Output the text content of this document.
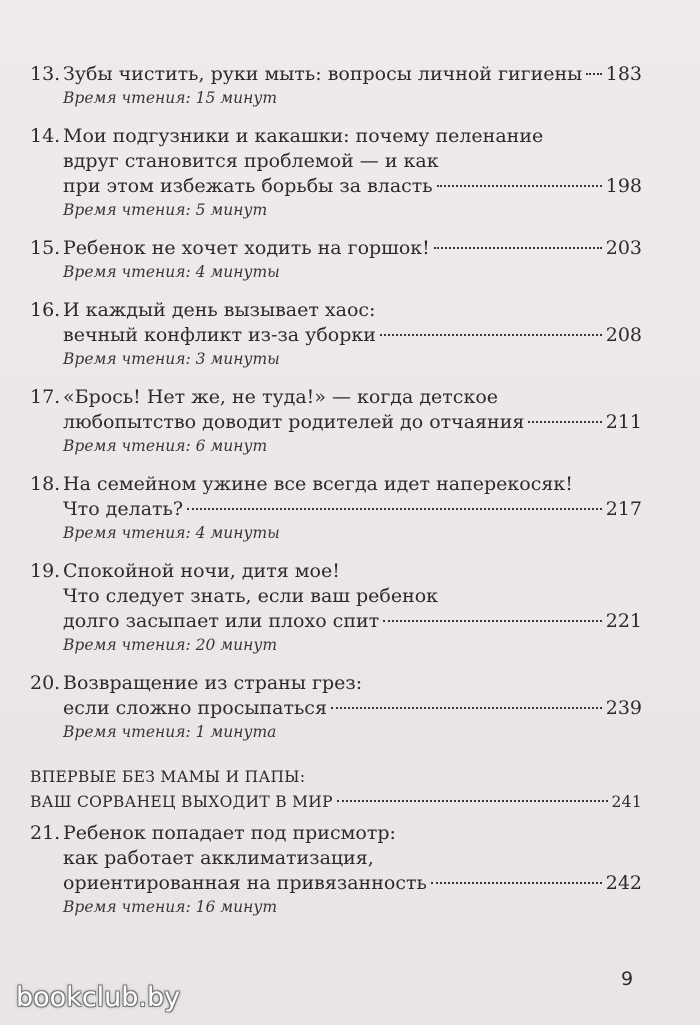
13. Зубы чистить, руки мыть: вопросы личной гигиены 183
Время чтения: 15 минут
14. Мои подгузники и какашки: почему пеленание
вдруг становится проблемой — и как
при этом избежать борьбы за власть	198
Время чтения: 5 минут
15. Ребенок не хочет ходить на горшок!	203
Время чтения: 4 минуты
16. И каждый день вызывает хаос:
вечный конфликт из-за уборки	208
Время чтения: 3 минуты
17. «Брось! Нет же, не туда!» — когда детское
любопытство доводит родителей до отчаяния	211
Время чтения: 6 минут
18. На семейном ужине все всегда идет наперекосяк!
Что делать?	217
Время чтения: 4 минуты
19. Спокойной ночи, дитя мое!
Что следует знать, если ваш ребенок
долго засыпает или плохо спит	221
Время чтения: 20 минут
20. Возвращение из страны грез:
если сложно просыпаться	239
Время чтения: 1 минута
ВПЕРВЫЕ БЕЗ МАМЫ И ПАПЫ:
ВАШ СОРВАНЕЦ ВЫХОДИТ В МИР	241
21. Ребенок попадает под присмотр:
как работает акклиматизация,
ориентированная на привязанность	242
Время чтения: 16 минут
9
bookclub.by
